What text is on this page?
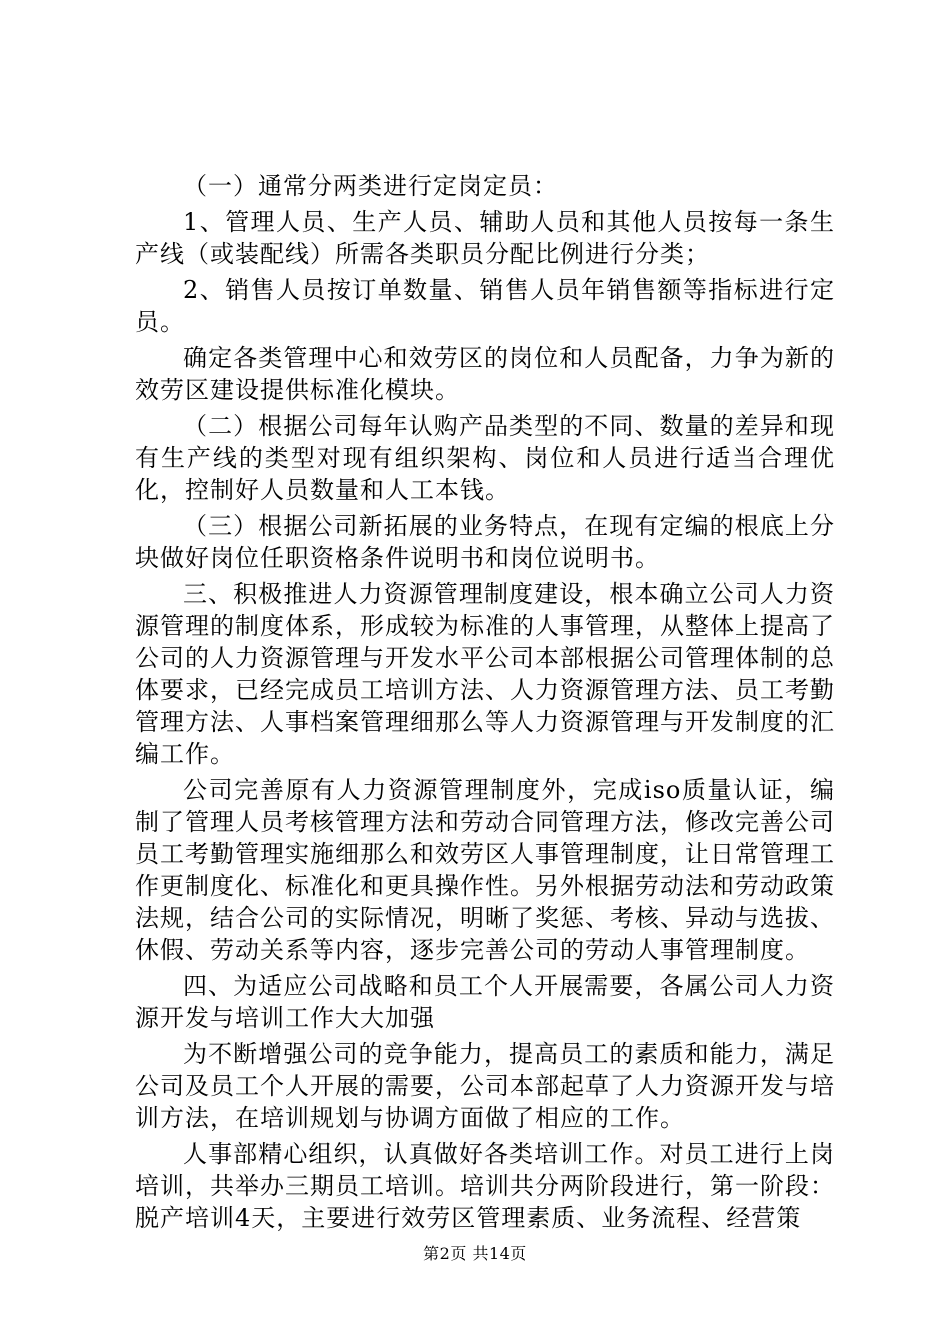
（一）通常分两类进行定岗定员：

1、管理人员、生产人员、辅助人员和其他人员按每一条生产线（或装配线）所需各类职员分配比例进行分类；

2、销售人员按订单数量、销售人员年销售额等指标进行定员。

确定各类管理中心和效劳区的岗位和人员配备，力争为新的效劳区建设提供标准化模块。

（二）根据公司每年认购产品类型的不同、数量的差异和现有生产线的类型对现有组织架构、岗位和人员进行适当合理优化，控制好人员数量和人工本钱。

（三）根据公司新拓展的业务特点，在现有定编的根底上分块做好岗位任职资格条件说明书和岗位说明书。

三、积极推进人力资源管理制度建设，根本确立公司人力资源管理的制度体系，形成较为标准的人事管理，从整体上提高了公司的人力资源管理与开发水平公司本部根据公司管理体制的总体要求，已经完成员工培训方法、人力资源管理方法、员工考勤管理方法、人事档案管理细那么等人力资源管理与开发制度的汇编工作。

公司完善原有人力资源管理制度外，完成iso质量认证，编制了管理人员考核管理方法和劳动合同管理方法，修改完善公司员工考勤管理实施细那么和效劳区人事管理制度，让日常管理工作更制度化、标准化和更具操作性。另外根据劳动法和劳动政策法规，结合公司的实际情况，明晰了奖惩、考核、异动与选拔、休假、劳动关系等内容，逐步完善公司的劳动人事管理制度。

四、为适应公司战略和员工个人开展需要，各属公司人力资源开发与培训工作大大加强

为不断增强公司的竞争能力，提高员工的素质和能力，满足公司及员工个人开展的需要，公司本部起草了人力资源开发与培训方法，在培训规划与协调方面做了相应的工作。

人事部精心组织，认真做好各类培训工作。对员工进行上岗培训，共举办三期员工培训。培训共分两阶段进行，第一阶段：脱产培训4天，主要进行效劳区管理素质、业务流程、经营策

第2页 共14页
